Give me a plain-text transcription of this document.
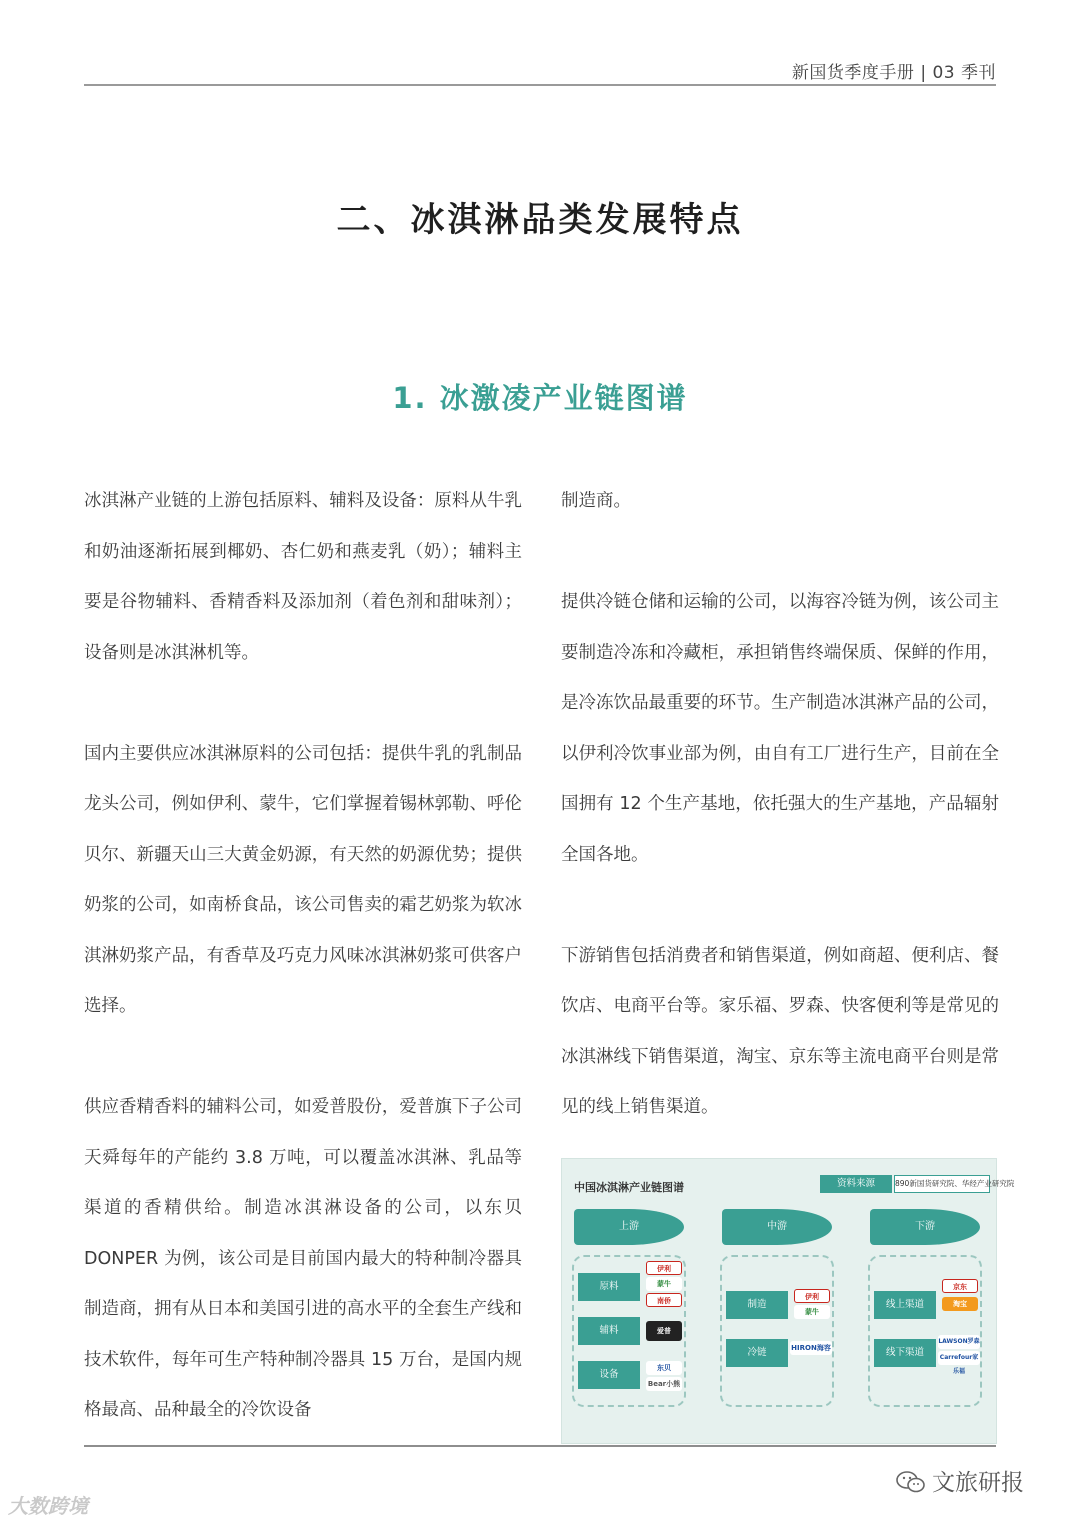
新国货季度手册 | 03 季刊
二、冰淇淋品类发展特点
1. 冰激凌产业链图谱

冰淇淋产业链的上游包括原料、辅料及设备：原料从牛乳和奶油逐渐拓展到椰奶、杏仁奶和燕麦乳（奶）；辅料主要是谷物辅料、香精香料及添加剂（着色剂和甜味剂）；设备则是冰淇淋机等。

国内主要供应冰淇淋原料的公司包括：提供牛乳的乳制品龙头公司，例如伊利、蒙牛，它们掌握着锡林郭勒、呼伦贝尔、新疆天山三大黄金奶源，有天然的奶源优势；提供奶浆的公司，如南桥食品，该公司售卖的霜艺奶浆为软冰淇淋奶浆产品，有香草及巧克力风味冰淇淋奶浆可供客户选择。

供应香精香料的辅料公司，如爱普股份，爱普旗下子公司天舜每年的产能约 3.8 万吨，可以覆盖冰淇淋、乳品等渠道的香精供给。制造冰淇淋设备的公司，以东贝 DONPER 为例，该公司是目前国内最大的特种制冷器具制造商，拥有从日本和美国引进的高水平的全套生产线和技术软件，每年可生产特种制冷器具 15 万台，是国内规格最高、品种最全的冷饮设备

制造商。

提供冷链仓储和运输的公司，以海容冷链为例，该公司主要制造冷冻和冷藏柜，承担销售终端保质、保鲜的作用，是冷冻饮品最重要的环节。生产制造冰淇淋产品的公司，以伊利冷饮事业部为例，由自有工厂进行生产，目前在全国拥有 12 个生产基地，依托强大的生产基地，产品辐射全国各地。

下游销售包括消费者和销售渠道，例如商超、便利店、餐饮店、电商平台等。家乐福、罗森、快客便利等是常见的冰淇淋线下销售渠道，淘宝、京东等主流电商平台则是常见的线上销售渠道。

中国冰淇淋产业链图谱	资料来源	890新国货研究院、华经产业研究院
上游	中游	下游
原料
辅料
设备
伊利
蒙牛
南侨
爱普
东贝
Bear小熊
制造
冷链
伊利
蒙牛
HIRON海容
线上渠道
线下渠道
京东
淘宝
LAWSON罗森
Carrefour家乐福
文旅研报
大数跨境
